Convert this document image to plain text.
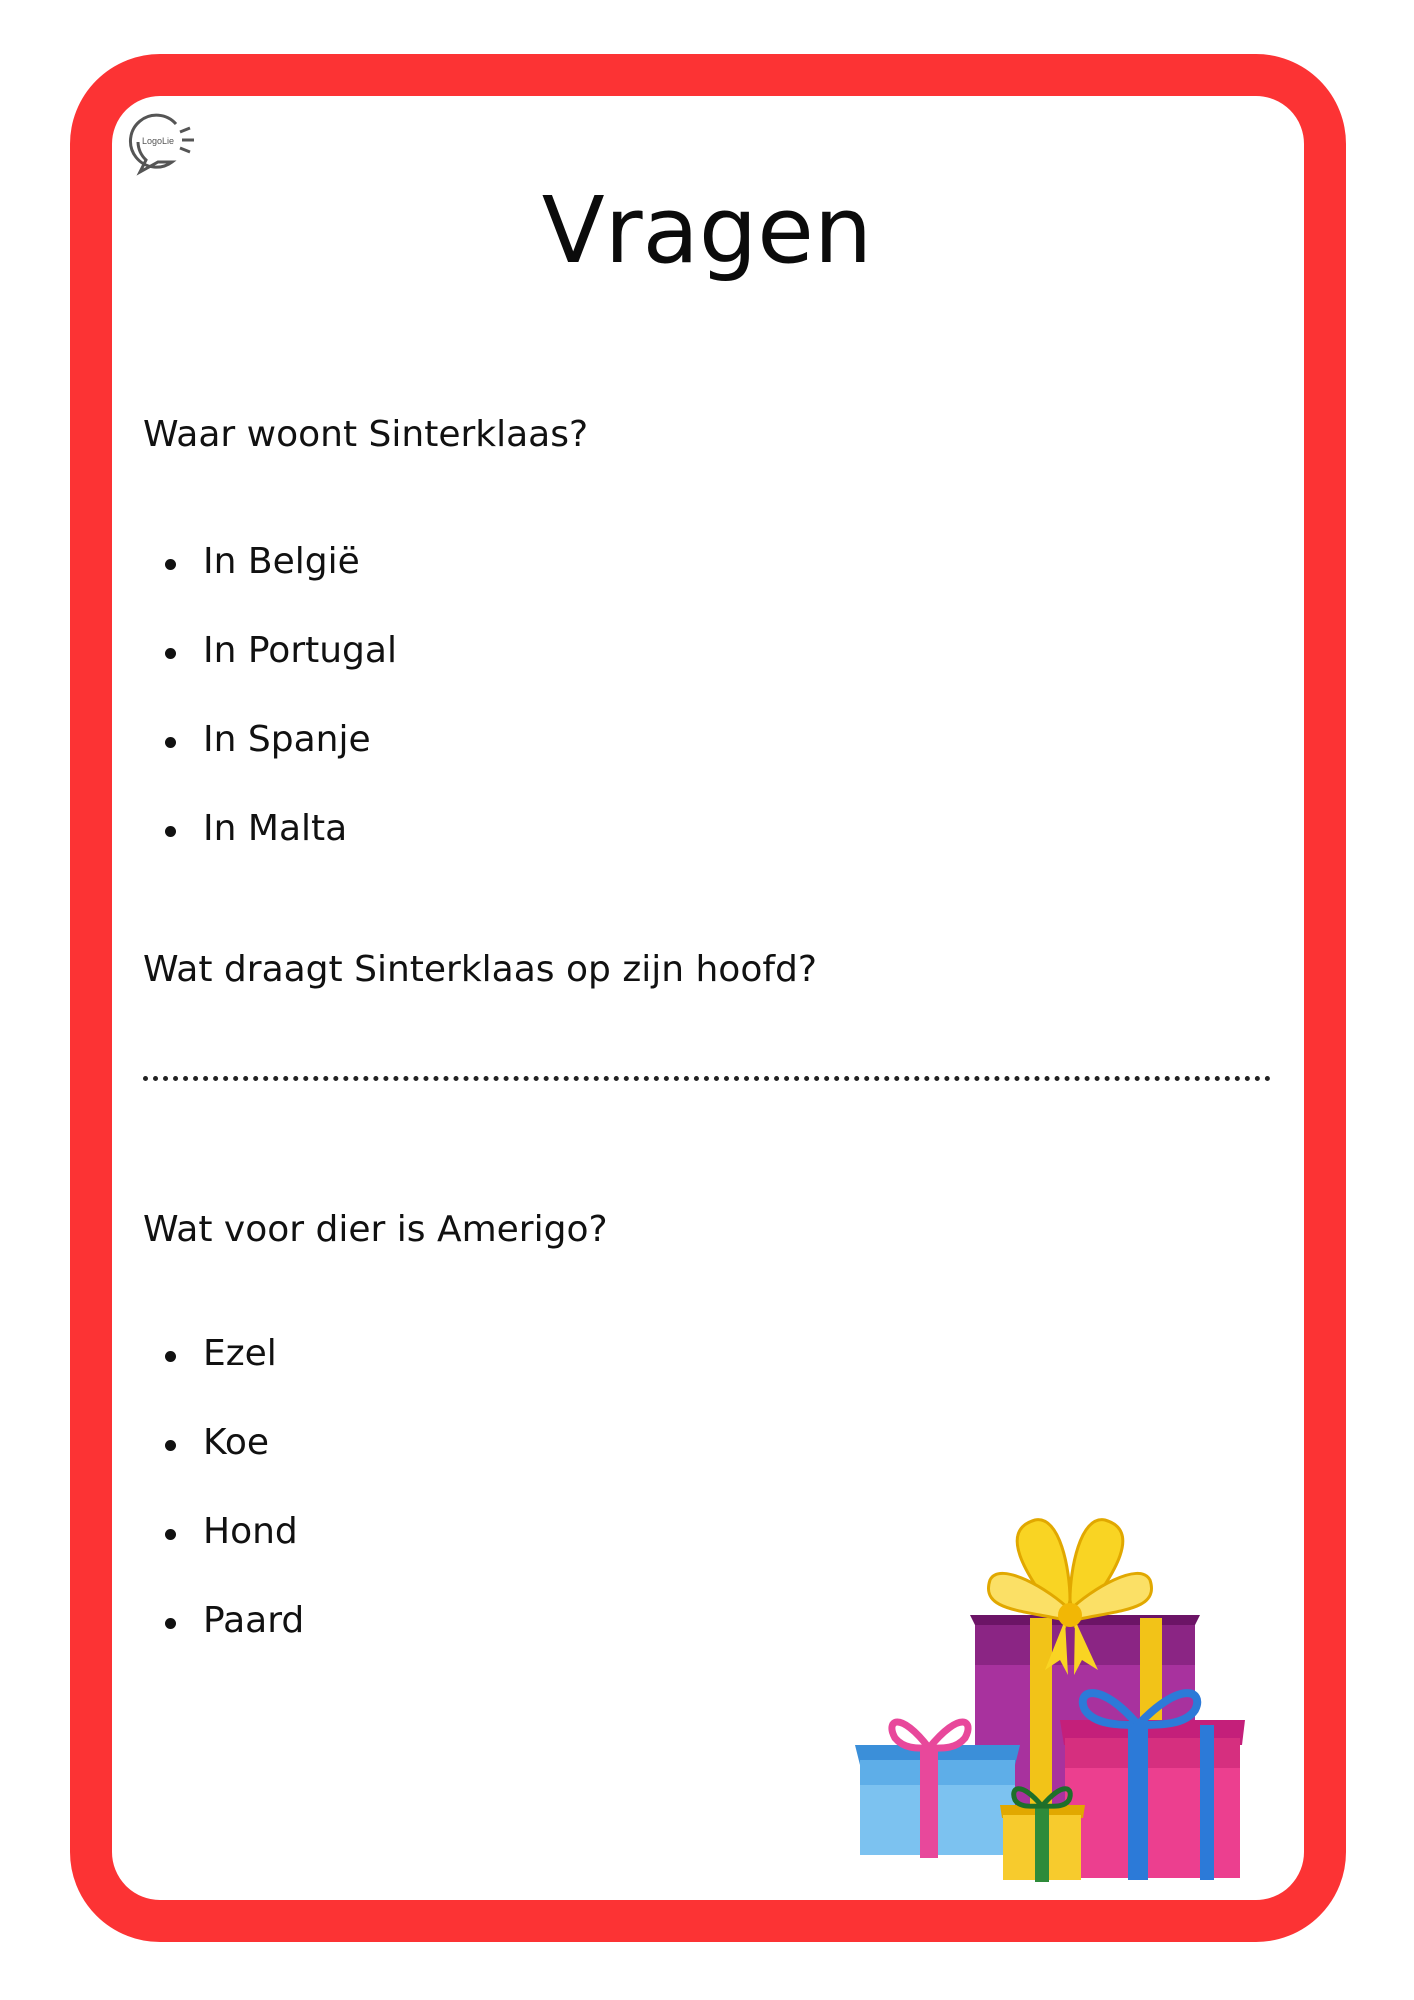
LogoLie
Vragen

Waar woont Sinterklaas?

In België
In Portugal
In Spanje
In Malta

Wat draagt Sinterklaas op zijn hoofd?

Wat voor dier is Amerigo?

Ezel
Koe
Hond
Paard
